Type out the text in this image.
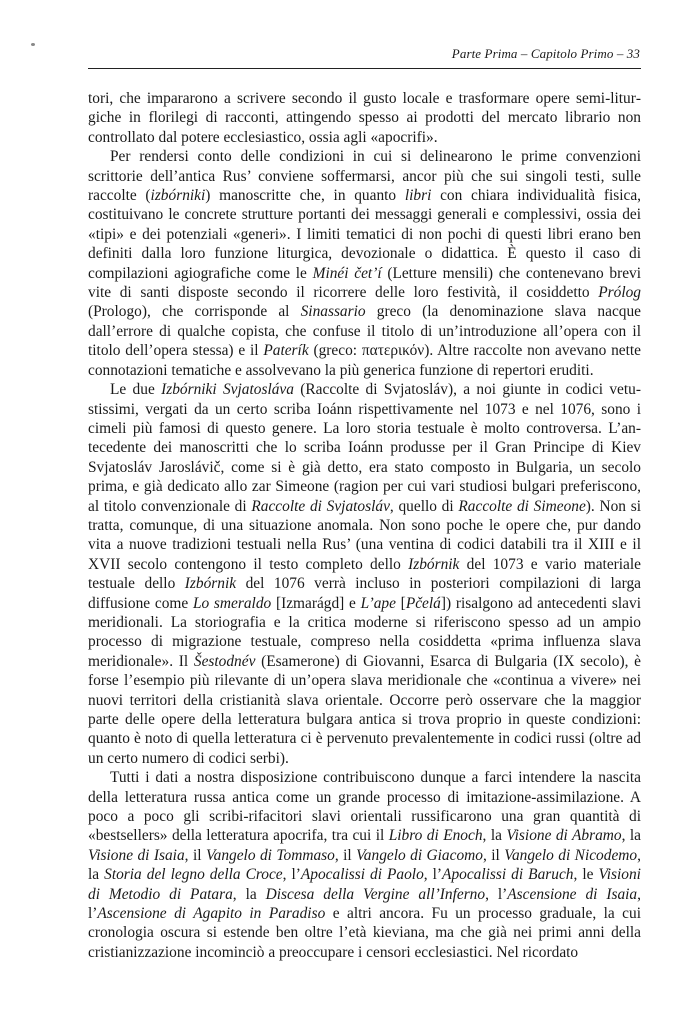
Parte Prima – Capitolo Primo – 33

tori, che impararono a scrivere secondo il gusto locale e trasformare opere semi-liturgiche in florilegi di racconti, attingendo spesso ai prodotti del mercato librario non controllato dal potere ecclesiastico, ossia agli «apocrifi».

Per rendersi conto delle condizioni in cui si delinearono le prime convenzioni scrittorie dell’antica Rus’ conviene soffermarsi, ancor più che sui singoli testi, sulle raccolte (izbórniki) manoscritte che, in quanto libri con chiara individualità fisica, costituivano le concrete strutture portanti dei messaggi generali e complessivi, ossia dei «tipi» e dei potenziali «generi». I limiti tematici di non pochi di questi libri erano ben definiti dalla loro funzione liturgica, devozionale o didattica. È questo il caso di compilazioni agiografiche come le Minéi čet’í (Letture mensili) che contenevano brevi vite di santi disposte secondo il ricorrere delle loro festività, il cosiddetto Prólog (Prologo), che corrisponde al Sinassario greco (la denominazione slava nacque dall’errore di qualche copista, che confuse il titolo di un’introduzione all’opera con il titolo dell’opera stessa) e il Paterík (greco: πατερικόν). Altre raccolte non avevano nette connotazioni tematiche e assolvevano la più generica funzione di repertori eruditi.

Le due Izbórniki Svjatosláva (Raccolte di Svjatosláv), a noi giunte in codici vetustissimi, vergati da un certo scriba Ioánn rispettivamente nel 1073 e nel 1076, sono i cimeli più famosi di questo genere. La loro storia testuale è molto controversa. L’antecedente dei manoscritti che lo scriba Ioánn produsse per il Gran Principe di Kiev Svjatosláv Jaroslávič, come si è già detto, era stato composto in Bulgaria, un secolo prima, e già dedicato allo zar Simeone (ragion per cui vari studiosi bulgari preferiscono, al titolo convenzionale di Raccolte di Svjatosláv, quello di Raccolte di Simeone). Non si tratta, comunque, di una situazione anomala. Non sono poche le opere che, pur dando vita a nuove tradizioni testuali nella Rus’ (una ventina di codici databili tra il XIII e il XVII secolo contengono il testo completo dello Izbórnik del 1073 e vario materiale testuale dello Izbórnik del 1076 verrà incluso in posteriori compilazioni di larga diffusione come Lo smeraldo [Izmarágd] e L’ape [Pčelá]) risalgono ad antecedenti slavi meridionali. La storiografia e la critica moderne si riferiscono spesso ad un ampio processo di migrazione testuale, compreso nella cosiddetta «prima influenza slava meridionale». Il Šestodnév (Esamerone) di Giovanni, Esarca di Bulgaria (IX secolo), è forse l’esempio più rilevante di un’opera slava meridionale che «continua a vivere» nei nuovi territori della cristianità slava orientale. Occorre però osservare che la maggior parte delle opere della letteratura bulgara antica si trova proprio in queste condizioni: quanto è noto di quella letteratura ci è pervenuto prevalentemente in codici russi (oltre ad un certo numero di codici serbi).

Tutti i dati a nostra disposizione contribuiscono dunque a farci intendere la nascita della letteratura russa antica come un grande processo di imitazione-assimilazione. A poco a poco gli scribi-rifacitori slavi orientali russificarono una gran quantità di «bestsellers» della letteratura apocrifa, tra cui il Libro di Enoch, la Visione di Abramo, la Visione di Isaia, il Vangelo di Tommaso, il Vangelo di Giacomo, il Vangelo di Nicodemo, la Storia del legno della Croce, l’Apocalissi di Paolo, l’Apocalissi di Baruch, le Visioni di Metodio di Patara, la Discesa della Vergine all’Inferno, l’Ascensione di Isaia, l’Ascensione di Agapito in Paradiso e altri ancora. Fu un processo graduale, la cui cronologia oscura si estende ben oltre l’età kieviana, ma che già nei primi anni della cristianizzazione incominciò a preoccupare i censori ecclesiastici. Nel ricordato
